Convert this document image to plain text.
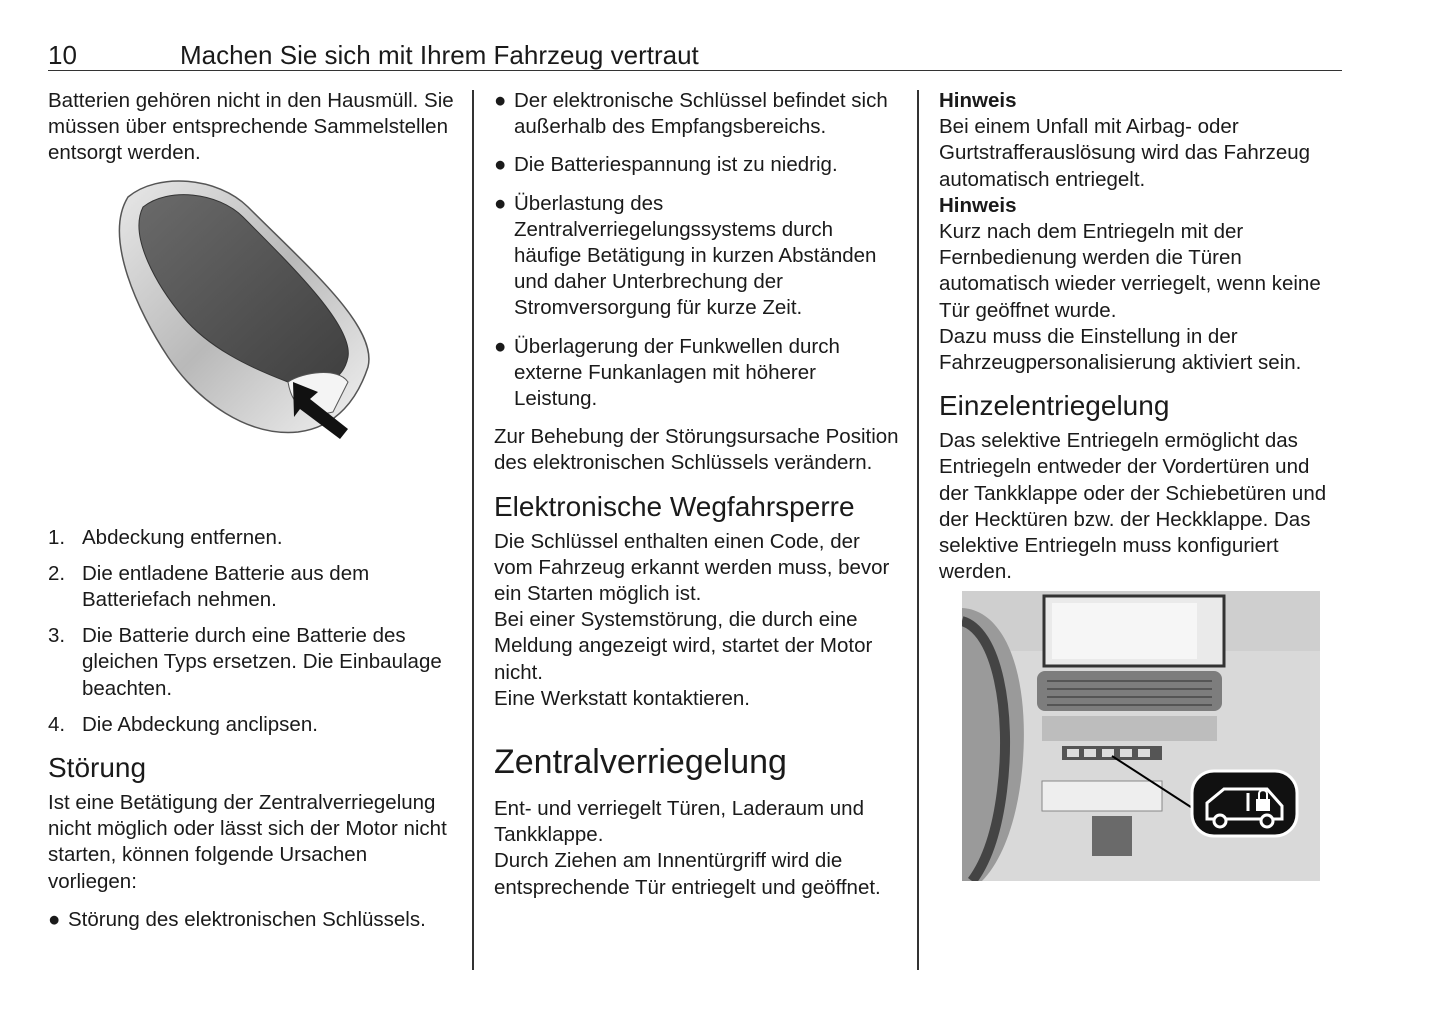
10	Machen Sie sich mit Ihrem Fahrzeug vertraut

Batterien gehören nicht in den Hausmüll. Sie müssen über entsprechende Sammelstellen entsorgt werden.

1. Abdeckung entfernen.
2. Die entladene Batterie aus dem Batteriefach nehmen.
3. Die Batterie durch eine Batterie des gleichen Typs ersetzen. Die Einbaulage beachten.
4. Die Abdeckung anclipsen.
Störung

Ist eine Betätigung der Zentralverriegelung nicht möglich oder lässt sich der Motor nicht starten, können folgende Ursachen vorliegen:

● Störung des elektronischen Schlüssels.
● Der elektronische Schlüssel befindet sich außerhalb des Empfangsbereichs.
● Die Batteriespannung ist zu niedrig.
● Überlastung des Zentralverriegelungssystems durch häufige Betätigung in kurzen Abständen und daher Unterbrechung der Stromversorgung für kurze Zeit.
● Überlagerung der Funkwellen durch externe Funkanlagen mit höherer Leistung.

Zur Behebung der Störungsursache Position des elektronischen Schlüssels verändern.

Elektronische Wegfahrsperre

Die Schlüssel enthalten einen Code, der vom Fahrzeug erkannt werden muss, bevor ein Starten möglich ist.

Bei einer Systemstörung, die durch eine Meldung angezeigt wird, startet der Motor nicht.

Eine Werkstatt kontaktieren.

Zentralverriegelung

Ent- und verriegelt Türen, Laderaum und Tankklappe.

Durch Ziehen am Innentürgriff wird die entsprechende Tür entriegelt und geöffnet.

Hinweis

Bei einem Unfall mit Airbag- oder Gurtstrafferauslösung wird das Fahrzeug automatisch entriegelt.

Hinweis

Kurz nach dem Entriegeln mit der Fernbedienung werden die Türen automatisch wieder verriegelt, wenn keine Tür geöffnet wurde.

Dazu muss die Einstellung in der Fahrzeugpersonalisierung aktiviert sein.

Einzelentriegelung

Das selektive Entriegeln ermöglicht das Entriegeln entweder der Vordertüren und der Tankklappe oder der Schiebetüren und der Hecktüren bzw. der Heckklappe. Das selektive Entriegeln muss konfiguriert werden.
